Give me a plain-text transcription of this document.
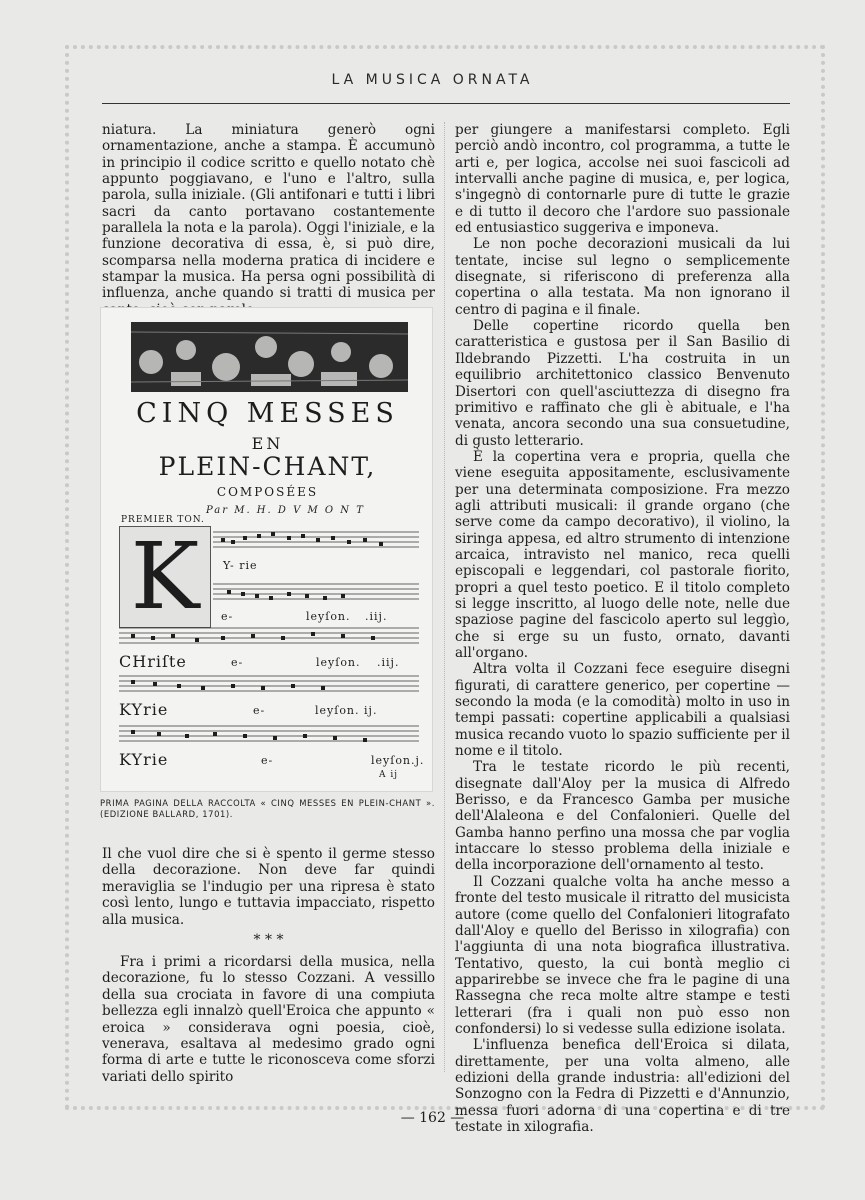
LA MUSICA ORNATA

niatura. La miniatura generò ogni ornamentazione, anche a stampa. È accumunò in principio il codice scritto e quello notato chè appunto poggiavano, e l'uno e l'altro, sulla parola, sulla iniziale. (Gli antifonari e tutti i libri sacri da canto portavano costantemente parallela la nota e la parola). Oggi l'iniziale, e la funzione decorativa di essa, è, si può dire, scomparsa nella moderna pratica di incidere e stampar la musica. Ha persa ogni possibilità di influenza, anche quando si tratti di musica per

CINQ MESSES
EN
PLEIN-CHANT,
COMPOSÉES
Par M. H. D V M O N T
PREMIER TON.
K	Y- rie
e-	leyſon. .iij.
CHriſte	e-	leyſon. .iij.
KYrie	e-	leyſon. ij.
KYrie	e-	leyſon.j.
A ij
PRIMA PAGINA DELLA RACCOLTA « CINQ MESSES EN PLEIN-CHANT ». (EDIZIONE BALLARD, 1701).

Il che vuol dire che si è spento il germe stesso della decorazione. Non deve far quindi meraviglia se l'indugio per una ripresa è stato così lento, lungo e tuttavia impacciato, rispetto alla musica.

* * *

Fra i primi a ricordarsi della musica, nella decorazione, fu lo stesso Cozzani. A vessillo della sua crociata in favore di una compiuta bellezza egli innalzò quell'Eroica che appunto « eroica » considerava ogni poesia, cioè, venerava, esaltava al medesimo grado ogni forma di arte e tutte le riconosceva come sforzi variati dello spirito

per giungere a manifestarsi completo. Egli perciò andò incontro, col programma, a tutte le arti e, per logica, accolse nei suoi fascicoli ad intervalli anche pagine di musica, e, per logica, s'ingegnò di contornarle pure di tutte le grazie e di tutto il decoro che l'ardore suo passionale ed entusiastico suggeriva e imponeva.

Le non poche decorazioni musicali da lui tentate, incise sul legno o semplicemente disegnate, si riferiscono di preferenza alla copertina o alla testata. Ma non ignorano il centro di pagina e il finale.

Delle copertine ricordo quella ben caratteristica e gustosa per il San Basilio di Ildebrando Pizzetti. L'ha costruita in un equilibrio architettonico classico Benvenuto Disertori con quell'asciuttezza di disegno fra primitivo e raffinato che gli è abituale, e l'ha venata, ancora secondo una sua consuetudine, di gusto letterario.

È la copertina vera e propria, quella che viene eseguita appositamente, esclusivamente per una determinata composizione. Fra mezzo agli attributi musicali: il grande organo (che serve come da campo decorativo), il violino, la siringa appesa, ed altro strumento di intenzione arcaica, intravisto nel manico, reca quelli episcopali e leggendari, col pastorale fiorito, propri a quel testo poetico. E il titolo completo si legge inscritto, al luogo delle note, nelle due spaziose pagine del fascicolo aperto sul leggìo, che si erge su un fusto, ornato, davanti all'organo.

Altra volta il Cozzani fece eseguire disegni figurati, di carattere generico, per copertine — secondo la moda (e la comodità) molto in uso in tempi passati: copertine applicabili a qualsiasi musica recando vuoto lo spazio sufficiente per il nome e il titolo.

Tra le testate ricordo le più recenti, disegnate dall'Aloy per la musica di Alfredo Berisso, e da Francesco Gamba per musiche dell'Alaleona e del Confalonieri. Quelle del Gamba hanno perfino una mossa che par voglia intaccare lo stesso problema della iniziale e della incorporazione dell'ornamento al testo.

Il Cozzani qualche volta ha anche messo a fronte del testo musicale il ritratto del musicista autore (come quello del Confalonieri litografato dall'Aloy e quello del Berisso in xilografia) con l'aggiunta di una nota biografica illustrativa. Tentativo, questo, la cui bontà meglio ci apparirebbe se invece che fra le pagine di una Rassegna che reca molte altre stampe e testi letterari (fra i quali non può esso non confondersi) lo si vedesse sulla edizione isolata.

L'influenza benefica dell'Eroica si dilata, direttamente, per una volta almeno, alle edizioni della grande industria: all'edizioni del Sonzogno con la Fedra di Pizzetti e d'Annunzio, messa fuori adorna di una copertina e di tre testate in xilografia.

— 162 —
